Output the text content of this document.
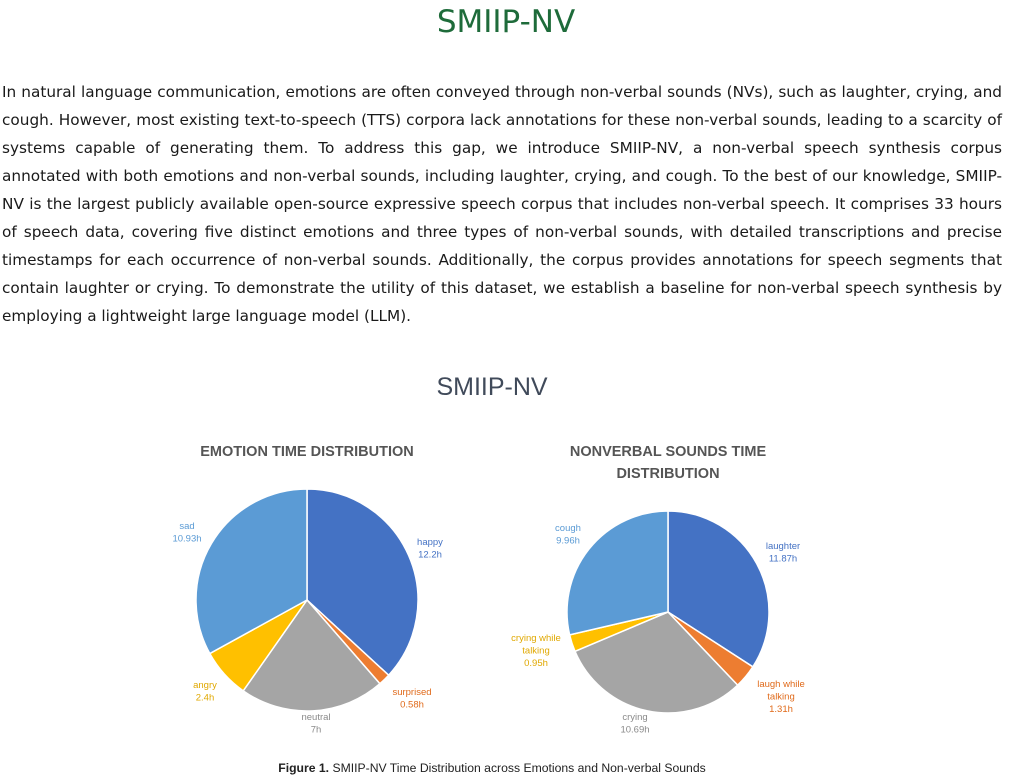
SMIIP-NV

In natural language communication, emotions are often conveyed through non-verbal sounds (NVs), such as laughter, crying, and cough. However, most existing text-to-speech (TTS) corpora lack annotations for these non-verbal sounds, leading to a scarcity of systems capable of generating them. To address this gap, we introduce SMIIP-NV, a non-verbal speech synthesis corpus annotated with both emotions and non-verbal sounds, including laughter, crying, and cough. To the best of our knowledge, SMIIP-NV is the largest publicly available open-source expressive speech corpus that includes non-verbal speech. It comprises 33 hours of speech data, covering five distinct emotions and three types of non-verbal sounds, with detailed transcriptions and precise timestamps for each occurrence of non-verbal sounds. Additionally, the corpus provides annotations for speech segments that contain laughter or crying. To demonstrate the utility of this dataset, we establish a baseline for non-verbal speech synthesis by employing a lightweight large language model (LLM).

SMIIP-NV
EMOTION TIME DISTRIBUTION
happy 12.2h
surprised 0.58h
neutral 7h
angry 2.4h
sad 10.93h
NONVERBAL SOUNDS TIME DISTRIBUTION
laughter 11.87h
laugh while talking 1.31h
crying 10.69h
crying while talking 0.95h
cough 9.96h
Figure 1. SMIIP-NV Time Distribution across Emotions and Non-verbal Sounds
